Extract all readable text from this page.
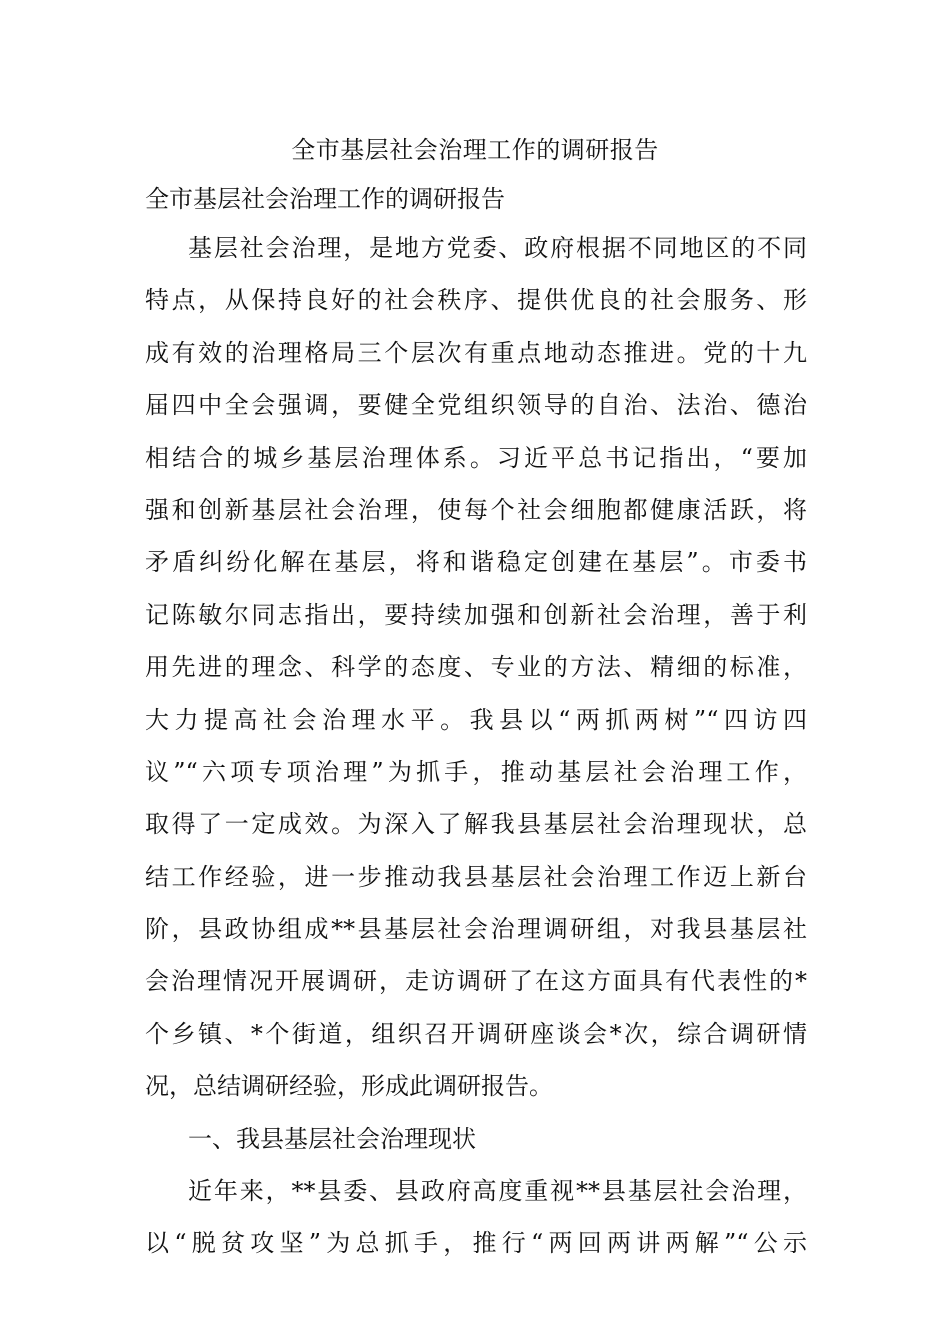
全市基层社会治理工作的调研报告
全市基层社会治理工作的调研报告
基层社会治理，是地方党委、政府根据不同地区的不同
特点，从保持良好的社会秩序、提供优良的社会服务、形
成有效的治理格局三个层次有重点地动态推进。党的十九
届四中全会强调，要健全党组织领导的自治、法治、德治
相结合的城乡基层治理体系。习近平总书记指出，“要加
强和创新基层社会治理，使每个社会细胞都健康活跃，将
矛盾纠纷化解在基层，将和谐稳定创建在基层”。市委书
记陈敏尔同志指出，要持续加强和创新社会治理，善于利
用先进的理念、科学的态度、专业的方法、精细的标准，
大力提高社会治理水平。我县以“两抓两树”“四访四
议”“六项专项治理”为抓手，推动基层社会治理工作，
取得了一定成效。为深入了解我县基层社会治理现状，总
结工作经验，进一步推动我县基层社会治理工作迈上新台
阶，县政协组成**县基层社会治理调研组，对我县基层社
会治理情况开展调研，走访调研了在这方面具有代表性的*
个乡镇、*个街道，组织召开调研座谈会*次，综合调研情
况，总结调研经验，形成此调研报告。
一、我县基层社会治理现状
近年来，**县委、县政府高度重视**县基层社会治理，
以“脱贫攻坚”为总抓手，推行“两回两讲两解”“公示
